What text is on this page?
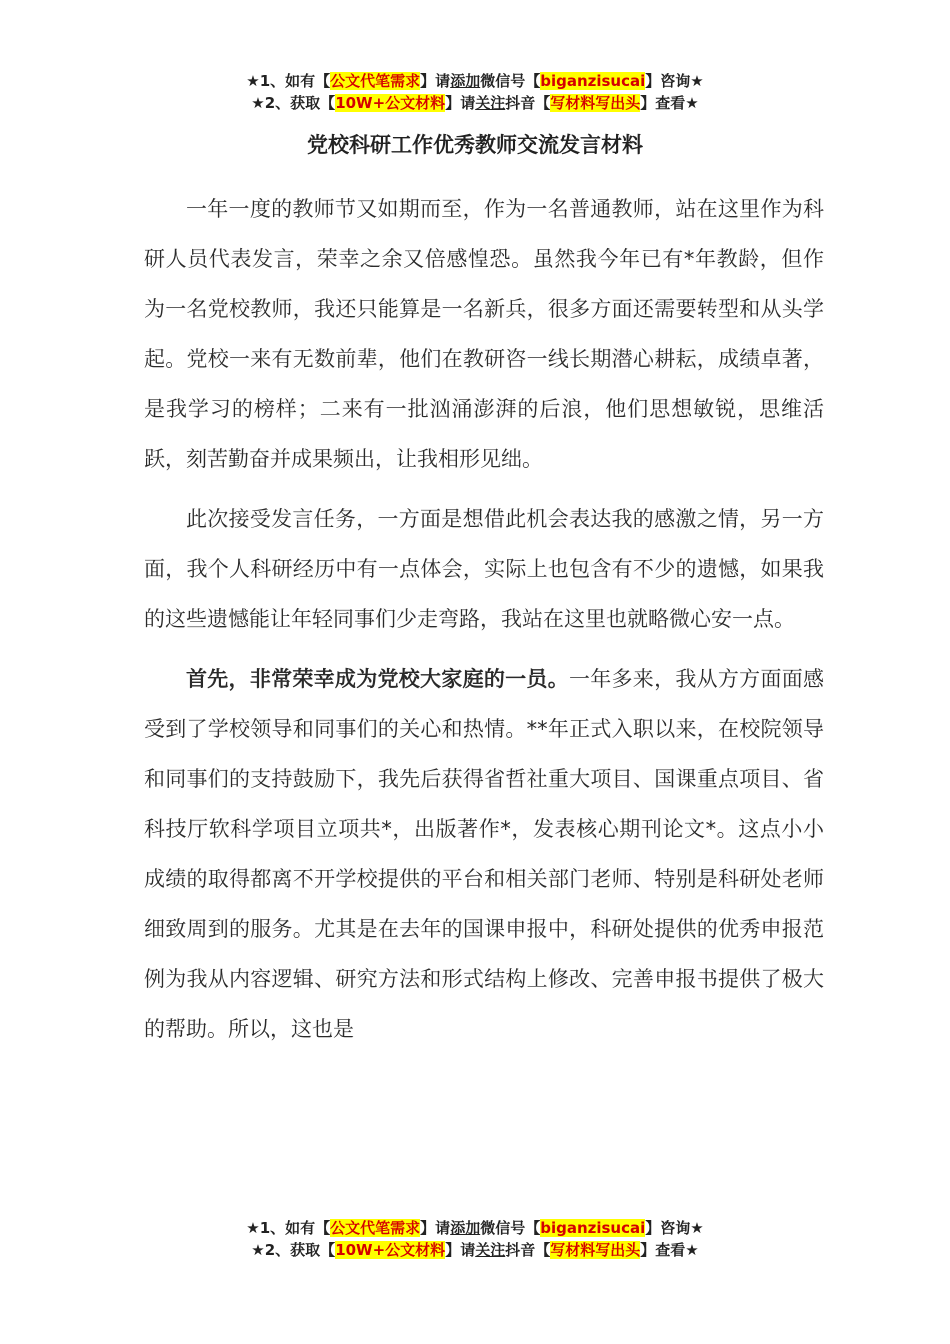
★1、如有【公文代笔需求】请添加微信号【biganzisucai】咨询★
★2、获取【10W+公文材料】请关注抖音【写材料写出头】查看★
党校科研工作优秀教师交流发言材料

一年一度的教师节又如期而至，作为一名普通教师，站在这里作为科研人员代表发言，荣幸之余又倍感惶恐。虽然我今年已有*年教龄，但作为一名党校教师，我还只能算是一名新兵，很多方面还需要转型和从头学起。党校一来有无数前辈，他们在教研咨一线长期潜心耕耘，成绩卓著，是我学习的榜样；二来有一批汹涌澎湃的后浪，他们思想敏锐，思维活跃，刻苦勤奋并成果频出，让我相形见绌。

此次接受发言任务，一方面是想借此机会表达我的感激之情，另一方面，我个人科研经历中有一点体会，实际上也包含有不少的遗憾，如果我的这些遗憾能让年轻同事们少走弯路，我站在这里也就略微心安一点。

首先，非常荣幸成为党校大家庭的一员。一年多来，我从方方面面感受到了学校领导和同事们的关心和热情。**年正式入职以来，在校院领导和同事们的支持鼓励下，我先后获得省哲社重大项目、国课重点项目、省科技厅软科学项目立项共*，出版著作*，发表核心期刊论文*。这点小小成绩的取得都离不开学校提供的平台和相关部门老师、特别是科研处老师细致周到的服务。尤其是在去年的国课申报中，科研处提供的优秀申报范例为我从内容逻辑、研究方法和形式结构上修改、完善申报书提供了极大的帮助。所以，这也是

★1、如有【公文代笔需求】请添加微信号【biganzisucai】咨询★
★2、获取【10W+公文材料】请关注抖音【写材料写出头】查看★
